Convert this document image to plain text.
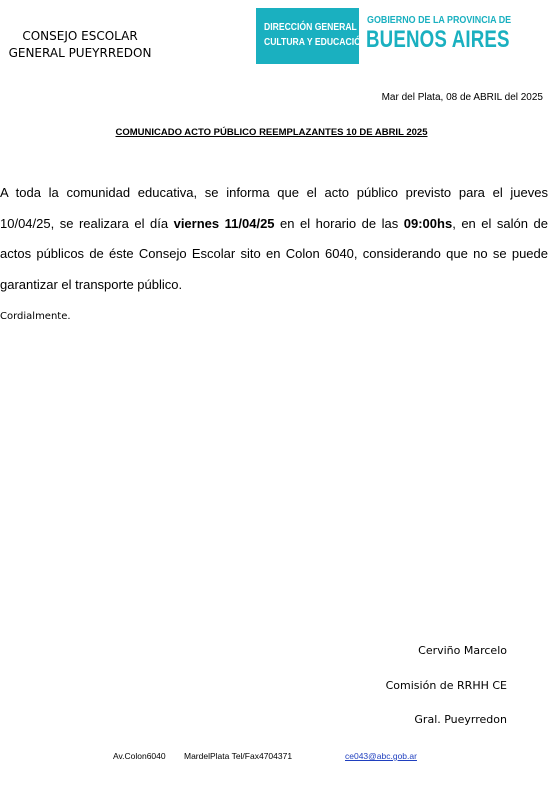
CONSEJO ESCOLAR
GENERAL PUEYRREDON
DIRECCIÓN GENERAL DE
CULTURA Y EDUCACIÓN
GOBIERNO DE LA PROVINCIA DE
BUENOS AIRES
Mar del Plata, 08 de ABRIL del 2025
COMUNICADO ACTO PÚBLICO REEMPLAZANTES 10 DE ABRIL 2025
A toda la comunidad educativa, se informa que el acto público previsto para el jueves 10/04/25, se realizara el día viernes 11/04/25 en el horario de las 09:00hs, en el salón de actos públicos de éste Consejo Escolar sito en Colon 6040, considerando que no se puede garantizar el transporte público.
Cordialmente.
Cerviño Marcelo
Comisión de RRHH CE
Gral. Pueyrredon
Av.Colon6040 MardelPlata Tel/Fax4704371	ce043@abc.gob.ar
